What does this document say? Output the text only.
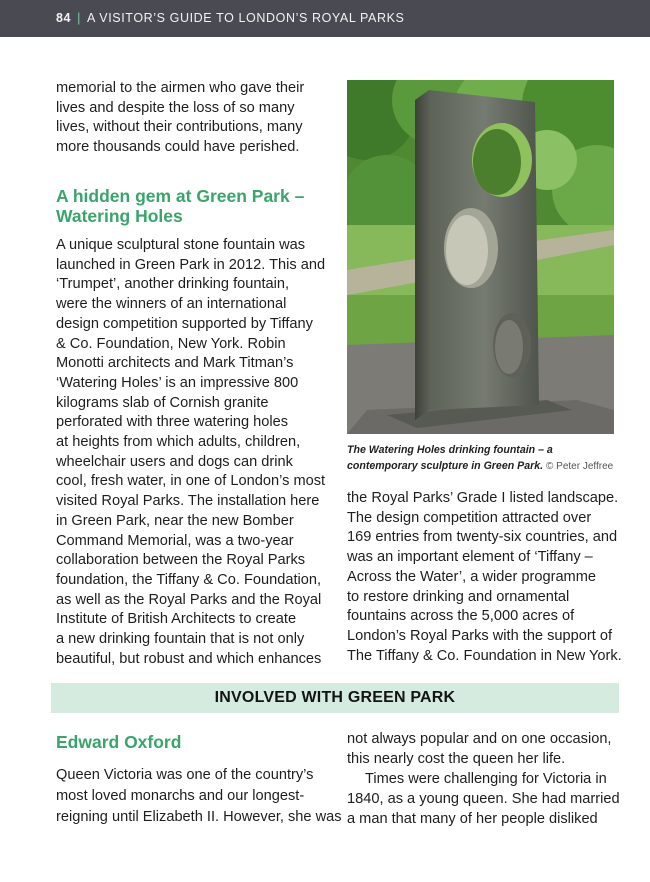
84 | A VISITOR’S GUIDE TO LONDON’S ROYAL PARKS
memorial to the airmen who gave their
lives and despite the loss of so many
lives, without their contributions, many
more thousands could have perished.
A hidden gem at Green Park –
Watering Holes
A unique sculptural stone fountain was
launched in Green Park in 2012. This and
‘Trumpet’, another drinking fountain,
were the winners of an international
design competition supported by Tiffany
& Co. Foundation, New York. Robin
Monotti architects and Mark Titman’s
‘Watering Holes’ is an impressive 800
kilograms slab of Cornish granite
perforated with three watering holes
at heights from which adults, children,
wheelchair users and dogs can drink
cool, fresh water, in one of London’s most
visited Royal Parks. The installation here
in Green Park, near the new Bomber
Command Memorial, was a two-year
collaboration between the Royal Parks
foundation, the Tiffany & Co. Foundation,
as well as the Royal Parks and the Royal
Institute of British Architects to create
a new drinking fountain that is not only
beautiful, but robust and which enhances
The Watering Holes drinking fountain – a
contemporary sculpture in Green Park. © Peter Jeffree
the Royal Parks’ Grade I listed landscape.
The design competition attracted over
169 entries from twenty-six countries, and
was an important element of ‘Tiffany –
Across the Water’, a wider programme
to restore drinking and ornamental
fountains across the 5,000 acres of
London’s Royal Parks with the support of
The Tiffany & Co. Foundation in New York.
INVOLVED WITH GREEN PARK
Edward Oxford
Queen Victoria was one of the country’s
most loved monarchs and our longest-
reigning until Elizabeth II. However, she was
not always popular and on one occasion,
this nearly cost the queen her life.
Times were challenging for Victoria in
1840, as a young queen. She had married
a man that many of her people disliked
